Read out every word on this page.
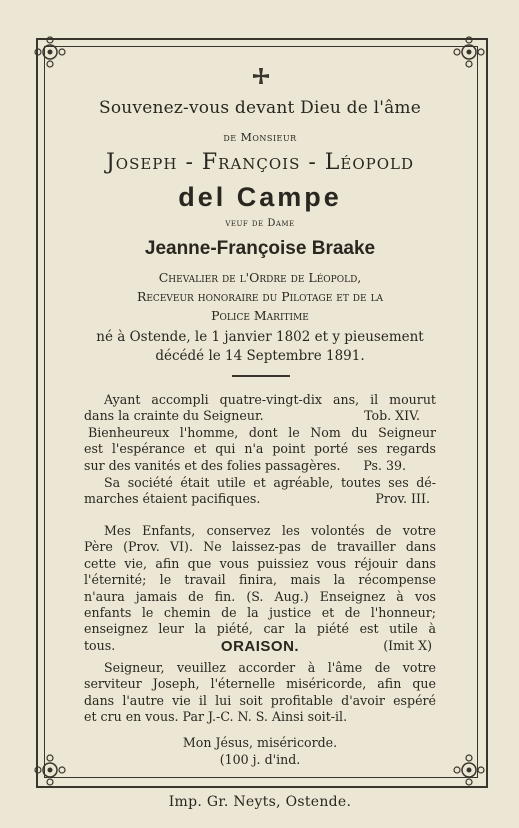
Souvenez-vous devant Dieu de l'âme
de Monsieur
Joseph - François - Léopold
del Campe
veuf de Dame
Jeanne-Françoise Braake
Chevalier de l'Ordre de Léopold,
Receveur honoraire du Pilotage et de la
Police Maritime
né à Ostende, le 1 janvier 1802 et y pieusement
décédé le 14 Septembre 1891.
Ayant accompli quatre-vingt-dix ans, il mourut
dans la crainte du Seigneur.	Tob. XIV.
Bienheureux l'homme, dont le Nom du Seigneur
est l'espérance et qui n'a point porté ses regards
sur des vanités et des folies passagères. Ps. 39.
Sa société était utile et agréable, toutes ses dé-
marches étaient pacifiques.	Prov. III.
Mes Enfants, conservez les volontés de votre
Père (Prov. VI). Ne laissez-pas de travailler dans
cette vie, afin que vous puissiez vous réjouir dans
l'éternité; le travail finira, mais la récompense
n'aura jamais de fin. (S. Aug.) Enseignez à vos
enfants le chemin de la justice et de l'honneur;
enseignez leur la piété, car la piété est utile à
tous.	(Imit X)
ORAISON.
Seigneur, veuillez accorder à l'âme de votre
serviteur Joseph, l'éternelle miséricorde, afin que
dans l'autre vie il lui soit profitable d'avoir espéré
et cru en vous. Par J.-C. N. S. Ainsi soit-il.
Mon Jésus, miséricorde.
(100 j. d'ind.
Imp. Gr. Neyts, Ostende.
